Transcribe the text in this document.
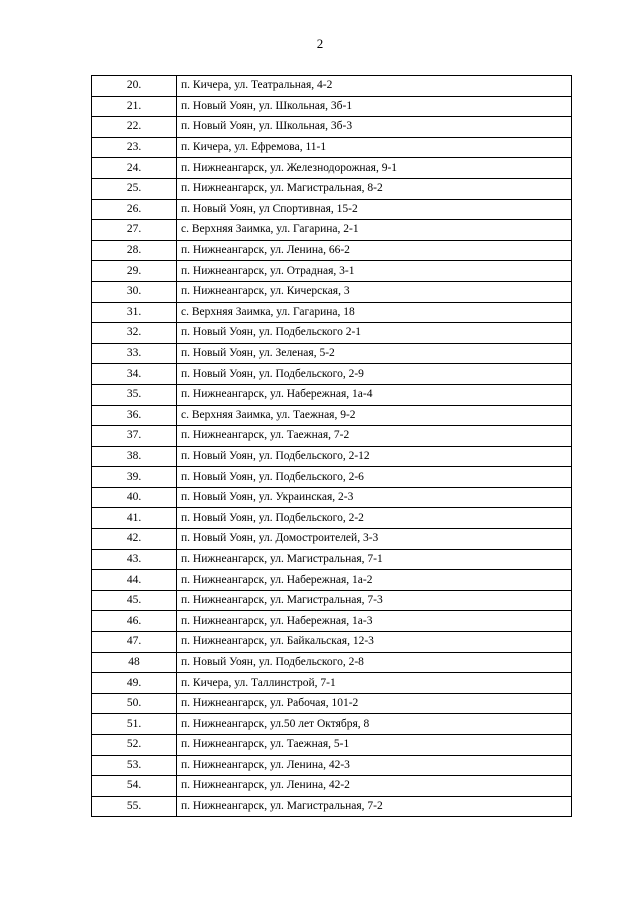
2
20.	п. Кичера, ул. Театральная, 4-2
21.	п. Новый Уоян, ул. Школьная, 3б-1
22.	п. Новый Уоян, ул. Школьная, 3б-3
23.	п. Кичера, ул. Ефремова, 11-1
24.	п. Нижнеангарск, ул. Железнодорожная, 9-1
25.	п. Нижнеангарск, ул. Магистральная, 8-2
26.	п. Новый Уоян, ул Спортивная, 15-2
27.	с. Верхняя Заимка, ул. Гагарина, 2-1
28.	п. Нижнеангарск, ул. Ленина, 66-2
29.	п. Нижнеангарск, ул. Отрадная, 3-1
30.	п. Нижнеангарск, ул. Кичерская, 3
31.	с. Верхняя Заимка, ул. Гагарина, 18
32.	п. Новый Уоян, ул. Подбельского 2-1
33.	п. Новый Уоян, ул. Зеленая, 5-2
34.	п. Новый Уоян, ул. Подбельского, 2-9
35.	п. Нижнеангарск, ул. Набережная, 1а-4
36.	с. Верхняя Заимка, ул. Таежная, 9-2
37.	п. Нижнеангарск, ул. Таежная, 7-2
38.	п. Новый Уоян, ул. Подбельского, 2-12
39.	п. Новый Уоян, ул. Подбельского, 2-6
40.	п. Новый Уоян, ул. Украинская, 2-3
41.	п. Новый Уоян, ул. Подбельского, 2-2
42.	п. Новый Уоян, ул. Домостроителей, 3-3
43.	п. Нижнеангарск, ул. Магистральная, 7-1
44.	п. Нижнеангарск, ул. Набережная, 1а-2
45.	п. Нижнеангарск, ул. Магистральная, 7-3
46.	п. Нижнеангарск, ул. Набережная, 1а-3
47.	п. Нижнеангарск, ул. Байкальская, 12-3
48	п. Новый Уоян, ул. Подбельского, 2-8
49.	п. Кичера, ул. Таллинстрой, 7-1
50.	п. Нижнеангарск, ул. Рабочая, 101-2
51.	п. Нижнеангарск, ул.50 лет Октября, 8
52.	п. Нижнеангарск, ул. Таежная, 5-1
53.	п. Нижнеангарск, ул. Ленина, 42-3
54.	п. Нижнеангарск, ул. Ленина, 42-2
55.	п. Нижнеангарск, ул. Магистральная, 7-2
